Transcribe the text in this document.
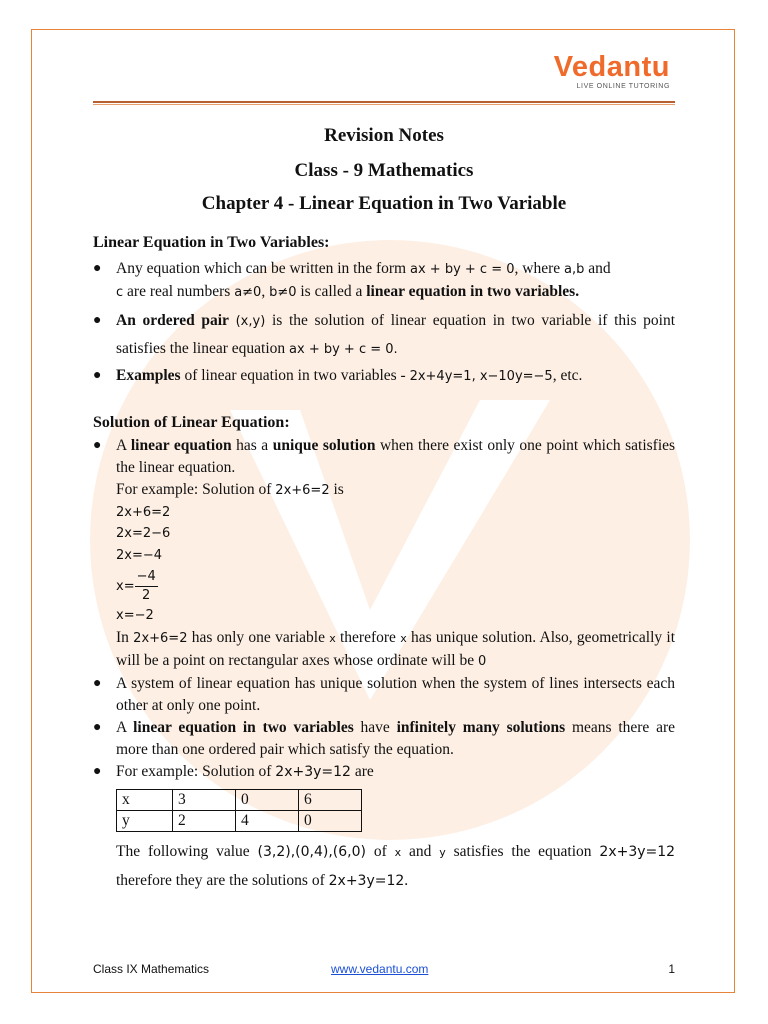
Vedantu
LIVE ONLINE TUTORING
Revision Notes
Class - 9 Mathematics
Chapter 4 - Linear Equation in Two Variable

Linear Equation in Two Variables:

● Any equation which can be written in the form ax + by + c = 0, where a,b and
c are real numbers a≠0, b≠0 is called a linear equation in two variables.

● An ordered pair (x,y) is the solution of linear equation in two variable if this point satisfies the linear equation ax + by + c = 0.

● Examples of linear equation in two variables - 2x+4y=1, x−10y=−5, etc.

Solution of Linear Equation:

● A linear equation has a unique solution when there exist only one point which satisfies the linear equation.

For example: Solution of 2x+6=2 is

2x+6=2

2x=2−6

2x=−4

$x= \frac{-4}{2}$

x=−2

In 2x+6=2 has only one variable x therefore x has unique solution. Also, geometrically it will be a point on rectangular axes whose ordinate will be 0

● A system of linear equation has unique solution when the system of lines intersects each other at only one point.

● A linear equation in two variables have infinitely many solutions means there are more than one ordered pair which satisfy the equation.

● For example: Solution of 2x+3y=12 are

x	3	0	6
y	2	4	0

The following value (3,2),(0,4),(6,0) of x and y satisfies the equation 2x+3y=12 therefore they are the solutions of 2x+3y=12.

Class IX Mathematics	www.vedantu.com	1
